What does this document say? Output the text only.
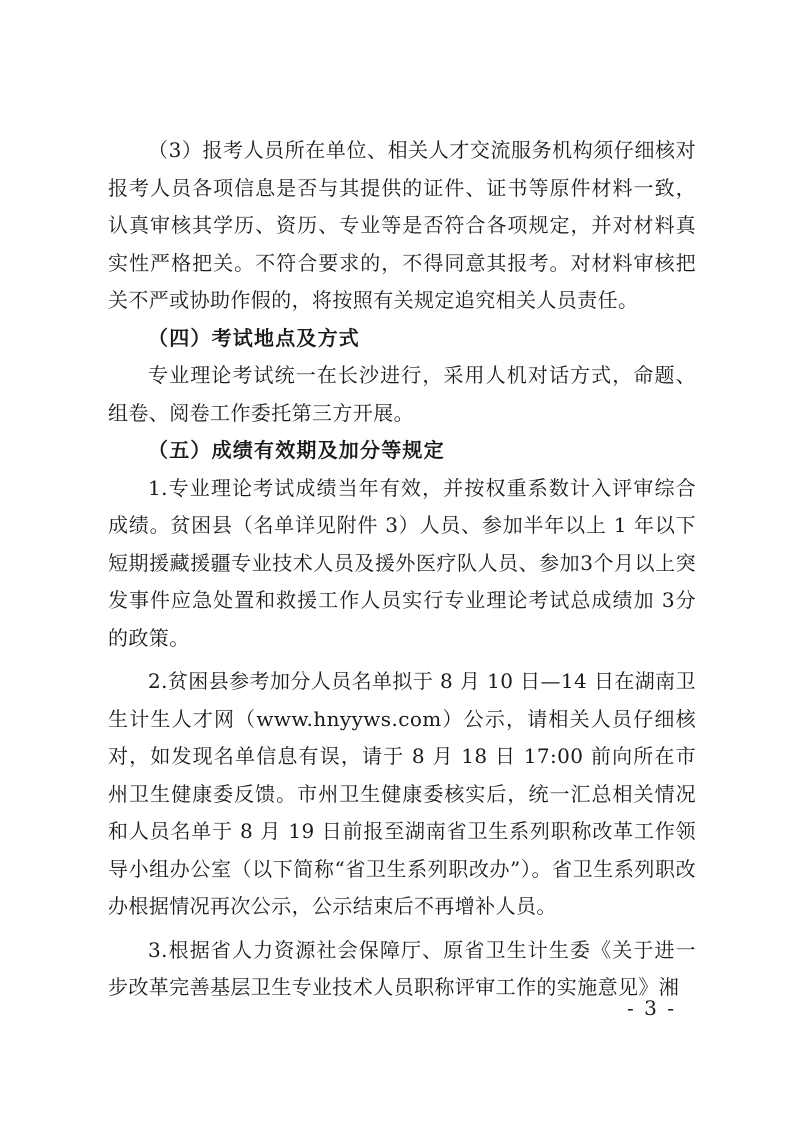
（3）报考人员所在单位、相关人才交流服务机构须仔细核对报考人员各项信息是否与其提供的证件、证书等原件材料一致，认真审核其学历、资历、专业等是否符合各项规定，并对材料真实性严格把关。不符合要求的，不得同意其报考。对材料审核把关不严或协助作假的，将按照有关规定追究相关人员责任。

（四）考试地点及方式

专业理论考试统一在长沙进行，采用人机对话方式，命题、组卷、阅卷工作委托第三方开展。

（五）成绩有效期及加分等规定

1.专业理论考试成绩当年有效，并按权重系数计入评审综合成绩。贫困县（名单详见附件 3）人员、参加半年以上 1 年以下短期援藏援疆专业技术人员及援外医疗队人员、参加3个月以上突发事件应急处置和救援工作人员实行专业理论考试总成绩加 3分的政策。

2.贫困县参考加分人员名单拟于 8 月 10 日—14 日在湖南卫生计生人才网（www.hnyyws.com）公示，请相关人员仔细核对，如发现名单信息有误，请于 8 月 18 日 17:00 前向所在市州卫生健康委反馈。市州卫生健康委核实后，统一汇总相关情况和人员名单于 8 月 19 日前报至湖南省卫生系列职称改革工作领导小组办公室（以下简称“省卫生系列职改办”）。省卫生系列职改办根据情况再次公示，公示结束后不再增补人员。

3.根据省人力资源社会保障厅、原省卫生计生委《关于进一步改革完善基层卫生专业技术人员职称评审工作的实施意见》湘

- 3 -
